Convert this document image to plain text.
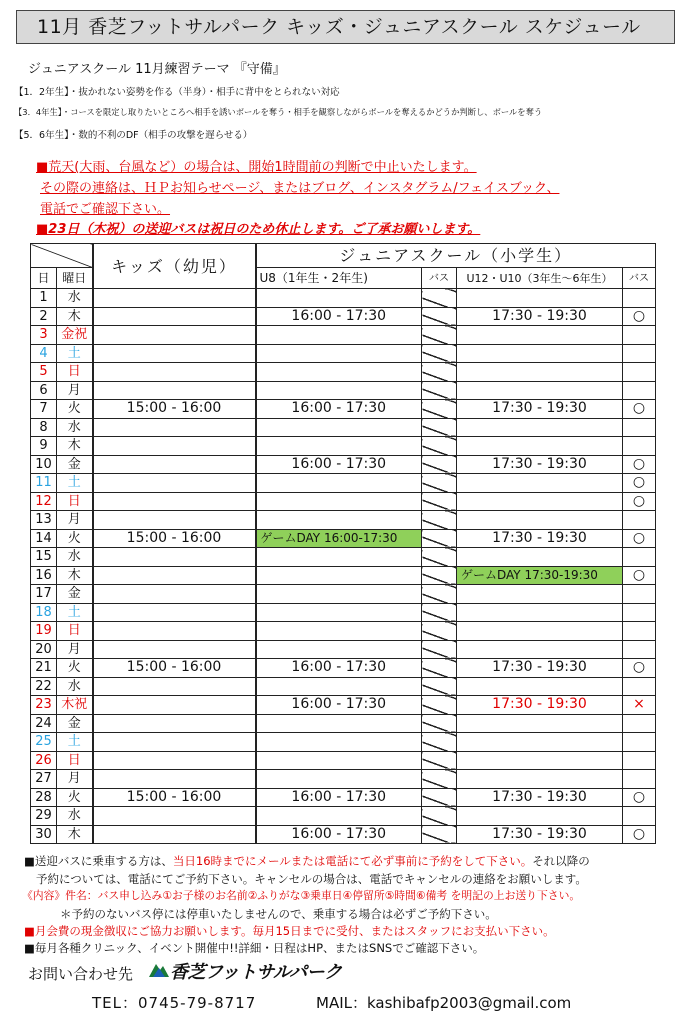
11月 香芝フットサルパーク キッズ・ジュニアスクール スケジュール
ジュニアスクール 11月練習テーマ 『守備』
【1．2年生】・抜かれない姿勢を作る（半身）・相手に背中をとられない対応
【3．4年生】・コースを限定し取りたいところへ相手を誘いボールを奪う・相手を観察しながらボールを奪えるかどうか判断し、ボールを奪う
【5．6年生】・数的不利のDF（相手の攻撃を遅らせる）
■荒天(大雨、台風など）の場合は、開始1時間前の判断で中止いたします。
その際の連絡は、ＨＰお知らせページ、またはブログ、インスタグラム/フェイスブック、
電話でご確認下さい。
■23日（木祝）の送迎バスは祝日のため休止します。ご了承お願いします。
		キッズ（幼児）	ジュニアスクール（小学生）			
日	曜日		U8（1年生・2年生)	バス	U12・U10（3年生～6年生）	バス
1	水					
2	木		16:00 - 17:30		17:30 - 19:30	○
3	金祝					
4	土					
5	日					
6	月					
7	火	15:00 - 16:00	16:00 - 17:30		17:30 - 19:30	○
8	水					
9	木					
10	金		16:00 - 17:30		17:30 - 19:30	○
11	土					○
12	日					○
13	月					
14	火	15:00 - 16:00	ゲームDAY 16:00-17:30		17:30 - 19:30	○
15	水					
16	木				ゲームDAY 17:30-19:30	○
17	金					
18	土					
19	日					
20	月					
21	火	15:00 - 16:00	16:00 - 17:30		17:30 - 19:30	○
22	水					
23	木祝		16:00 - 17:30		17:30 - 19:30	×
24	金					
25	土					
26	日					
27	月					
28	火	15:00 - 16:00	16:00 - 17:30		17:30 - 19:30	○
29	水					
30	木		16:00 - 17:30		17:30 - 19:30	○
■送迎バスに乗車する方は、当日16時までにメールまたは電話にて必ず事前に予約をして下さい。それ以降の
予約については、電話にてご予約下さい。キャンセルの場合は、電話でキャンセルの連絡をお願いします。
《内容》件名：バス申し込み①お子様のお名前②ふりがな③乗車日④停留所⑤時間⑥備考 を明記の上お送り下さい。
＊予約のないバス停には停車いたしませんので、乗車する場合は必ずご予約下さい。
■月会費の現金徴収にご協力お願いします。毎月15日までに受付、またはスタッフにお支払い下さい。
■毎月各種クリニック、イベント開催中!!詳細・日程はHP、またはSNSでご確認下さい。
お問い合わせ先 香芝フットサルパーク
TEL：0745-79-8717	MAIL：kashibafp2003@gmail.com
